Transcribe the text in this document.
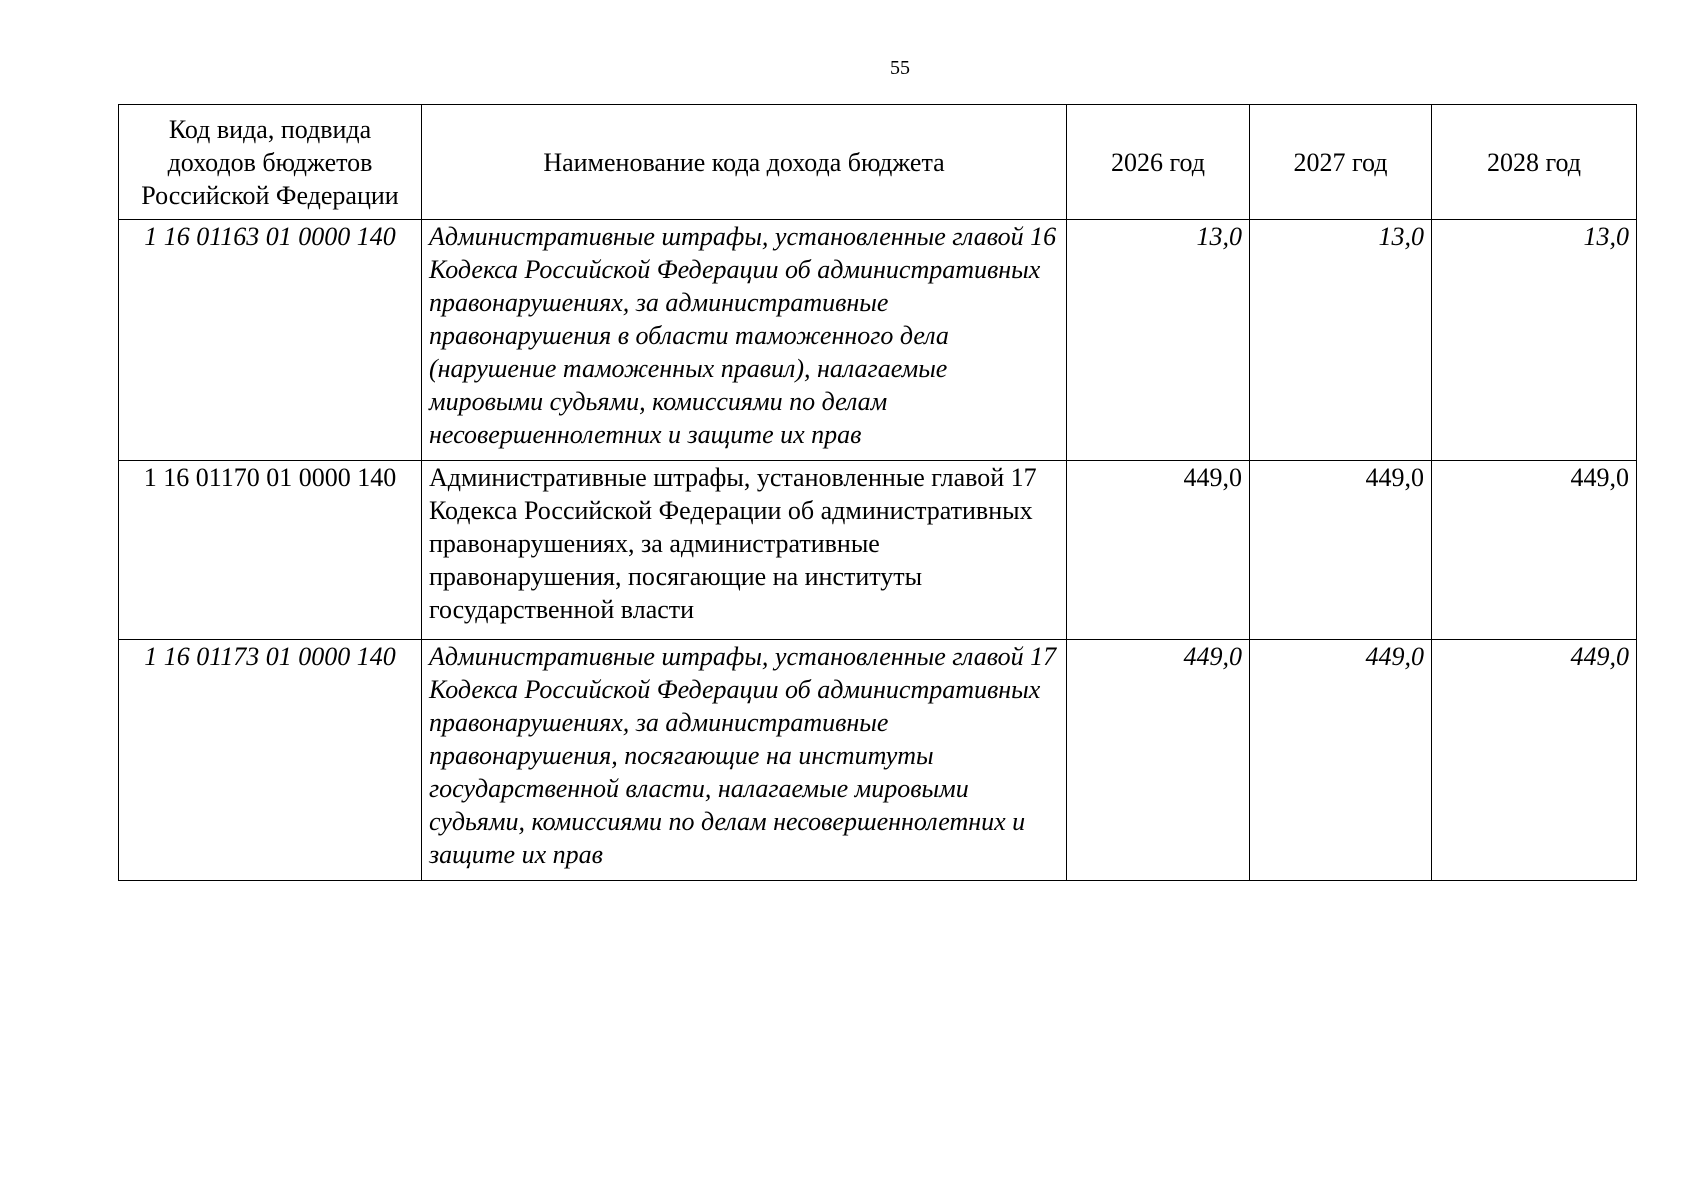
55
Код вида, подвида доходов бюджетов Российской Федерации	Наименование кода дохода бюджета	2026 год	2027 год	2028 год
1 16 01163 01 0000 140	Административные штрафы, установленные главой 16 Кодекса Российской Федерации об административных правонарушениях, за административные правонарушения в области таможенного дела (нарушение таможенных правил), налагаемые мировыми судьями, комиссиями по делам несовершеннолетних и защите их прав	13,0	13,0	13,0
1 16 01170 01 0000 140	Административные штрафы, установленные главой 17 Кодекса Российской Федерации об административных правонарушениях, за административные правонарушения, посягающие на институты государственной власти	449,0	449,0	449,0
1 16 01173 01 0000 140	Административные штрафы, установленные главой 17 Кодекса Российской Федерации об административных правонарушениях, за административные правонарушения, посягающие на институты государственной власти, налагаемые мировыми судьями, комиссиями по делам несовершеннолетних и защите их прав	449,0	449,0	449,0
